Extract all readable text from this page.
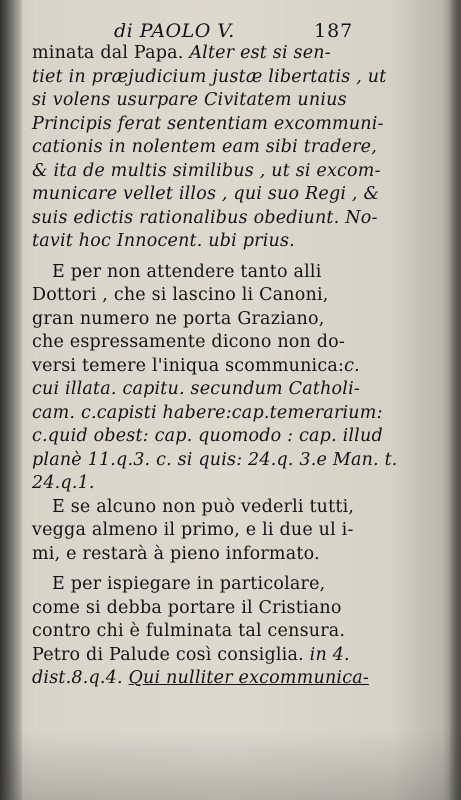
di PAOLO V.	187
minata dal Papa. Alter est si sen-
tiet in præjudicium justæ libertatis , ut
si volens usurpare Civitatem unius
Principis ferat sententiam excommuni-
cationis in nolentem eam sibi tradere,
& ita de multis similibus , ut si excom-
municare vellet illos , qui suo Regi , &
suis edictis rationalibus obediunt. No-
tavit hoc Innocent. ubi prius.
E per non attendere tanto alli
Dottori , che si lascino li Canoni,
gran numero ne porta Graziano,
che espressamente dicono non do-
versi temere l'iniqua scommunica:c.
cui illata. capitu. secundum Catholi-
cam. c.capisti habere:cap.temerarium:
c.quid obest: cap. quomodo : cap. illud
planè 11.q.3. c. si quis: 24.q. 3.e Man. t.
24.q.1.
E se alcuno non può vederli tutti,
vegga almeno il primo, e li due ul i-
mi, e restarà à pieno informato.
E per ispiegare in particolare,
come si debba portare il Cristiano
contro chi è fulminata tal censura.
Petro di Palude così consiglia. in 4.
dist.8.q.4. Qui nulliter excommunica-
